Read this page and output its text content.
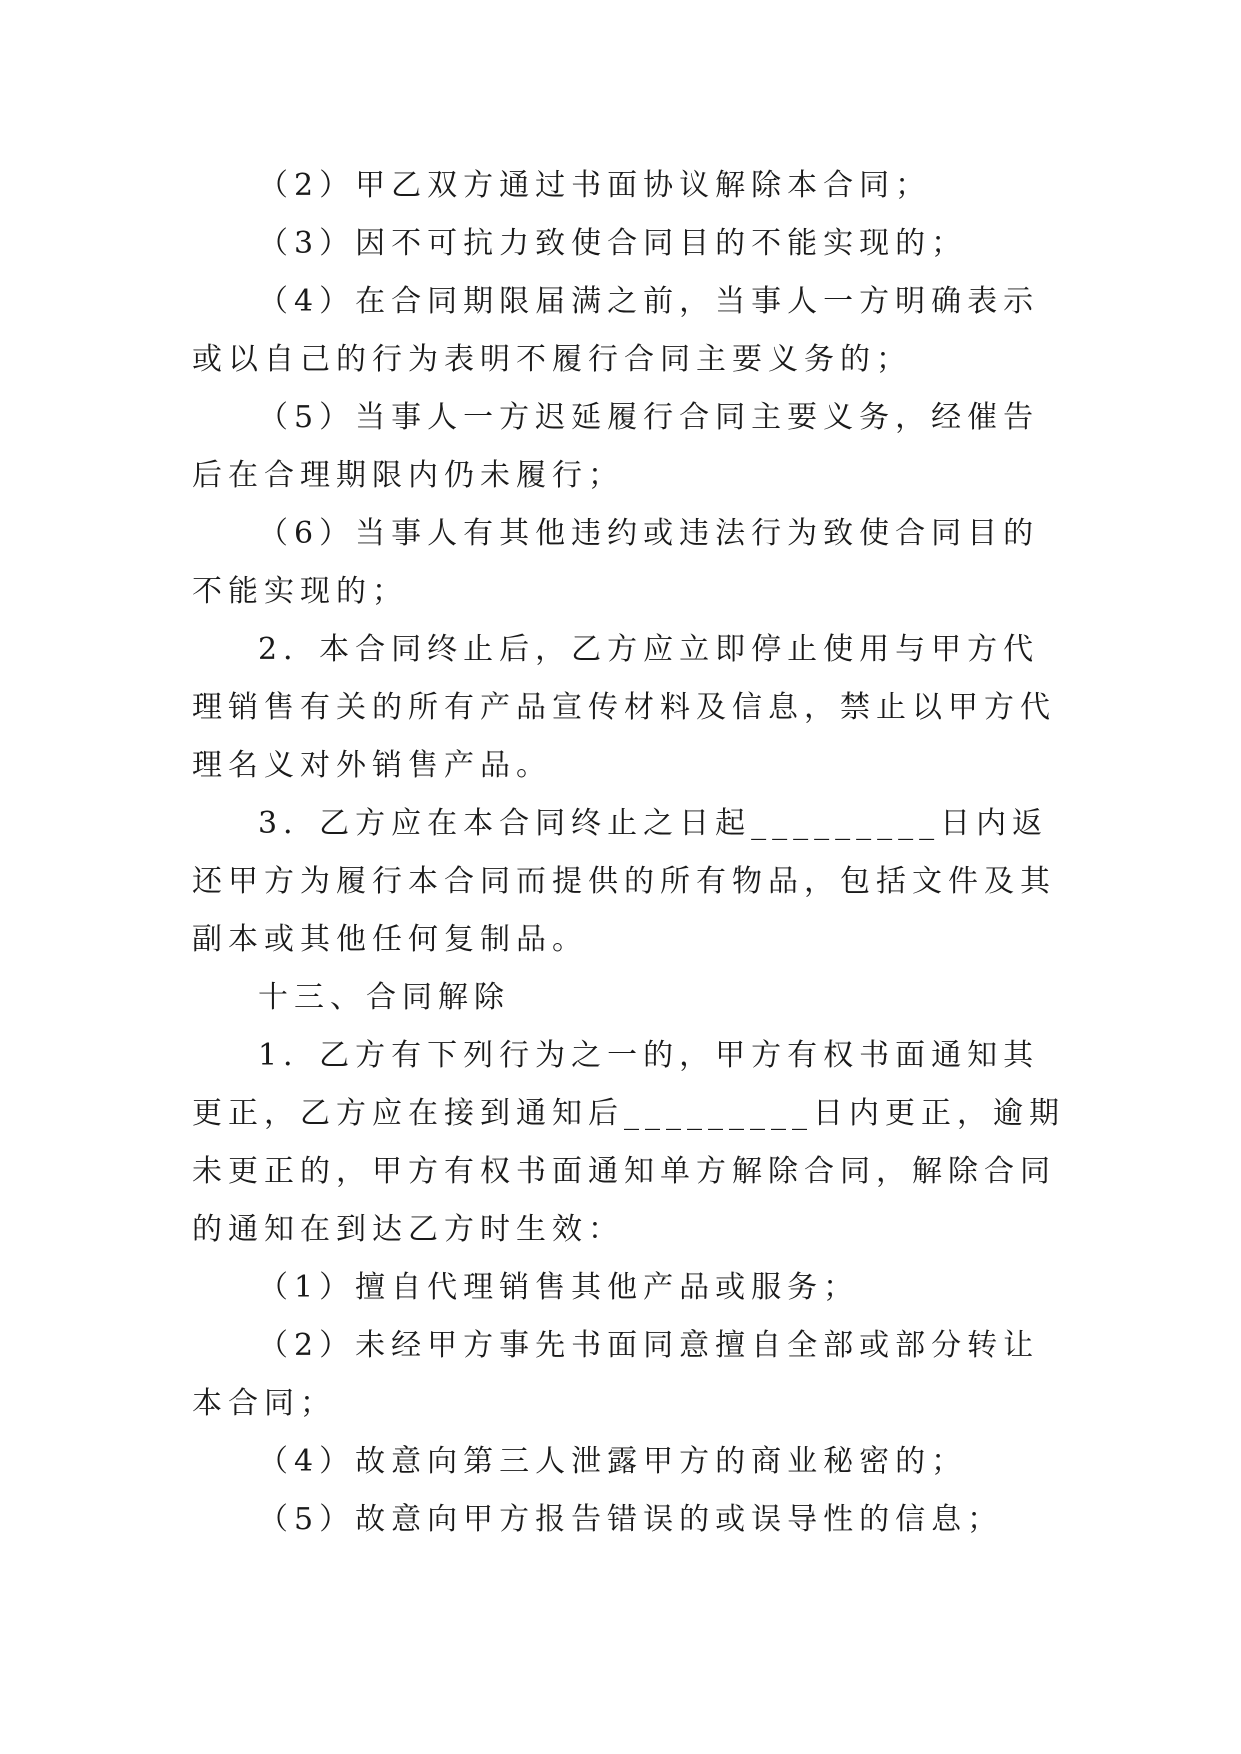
（2）甲乙双方通过书面协议解除本合同；

（3）因不可抗力致使合同目的不能实现的；

（4）在合同期限届满之前，当事人一方明确表示或以自己的行为表明不履行合同主要义务的；

（5）当事人一方迟延履行合同主要义务，经催告后在合理期限内仍未履行；

（6）当事人有其他违约或违法行为致使合同目的不能实现的；

2．本合同终止后，乙方应立即停止使用与甲方代理销售有关的所有产品宣传材料及信息，禁止以甲方代理名义对外销售产品。

3．乙方应在本合同终止之日起_________日内返还甲方为履行本合同而提供的所有物品，包括文件及其副本或其他任何复制品。

十三、合同解除

1．乙方有下列行为之一的，甲方有权书面通知其更正，乙方应在接到通知后_________日内更正，逾期未更正的，甲方有权书面通知单方解除合同，解除合同的通知在到达乙方时生效：

（1）擅自代理销售其他产品或服务；

（2）未经甲方事先书面同意擅自全部或部分转让本合同；

（4）故意向第三人泄露甲方的商业秘密的；

（5）故意向甲方报告错误的或误导性的信息；
